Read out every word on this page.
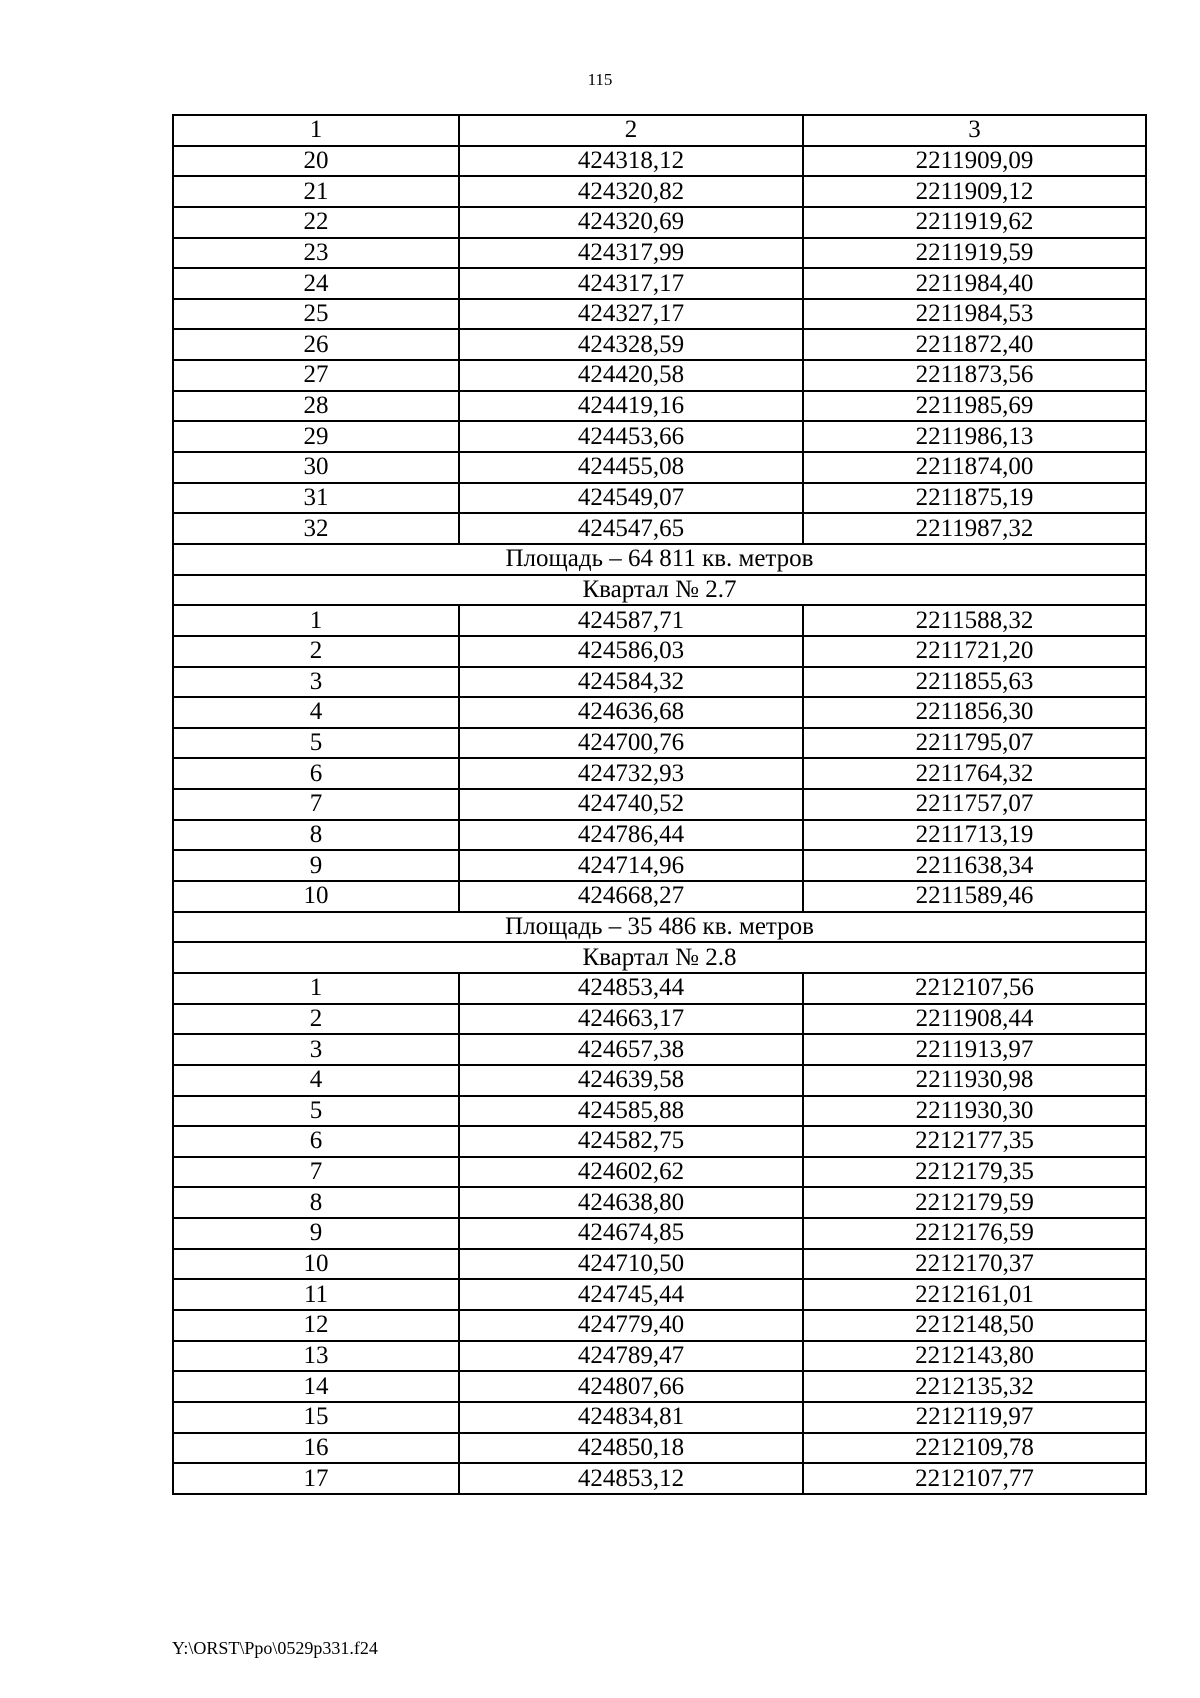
115
1	2	3
20	424318,12	2211909,09
21	424320,82	2211909,12
22	424320,69	2211919,62
23	424317,99	2211919,59
24	424317,17	2211984,40
25	424327,17	2211984,53
26	424328,59	2211872,40
27	424420,58	2211873,56
28	424419,16	2211985,69
29	424453,66	2211986,13
30	424455,08	2211874,00
31	424549,07	2211875,19
32	424547,65	2211987,32
Площадь – 64 811 кв. метров		
Квартал № 2.7		
1	424587,71	2211588,32
2	424586,03	2211721,20
3	424584,32	2211855,63
4	424636,68	2211856,30
5	424700,76	2211795,07
6	424732,93	2211764,32
7	424740,52	2211757,07
8	424786,44	2211713,19
9	424714,96	2211638,34
10	424668,27	2211589,46
Площадь – 35 486 кв. метров		
Квартал № 2.8		
1	424853,44	2212107,56
2	424663,17	2211908,44
3	424657,38	2211913,97
4	424639,58	2211930,98
5	424585,88	2211930,30
6	424582,75	2212177,35
7	424602,62	2212179,35
8	424638,80	2212179,59
9	424674,85	2212176,59
10	424710,50	2212170,37
11	424745,44	2212161,01
12	424779,40	2212148,50
13	424789,47	2212143,80
14	424807,66	2212135,32
15	424834,81	2212119,97
16	424850,18	2212109,78
17	424853,12	2212107,77
Y:\ORST\Ppo\0529p331.f24
